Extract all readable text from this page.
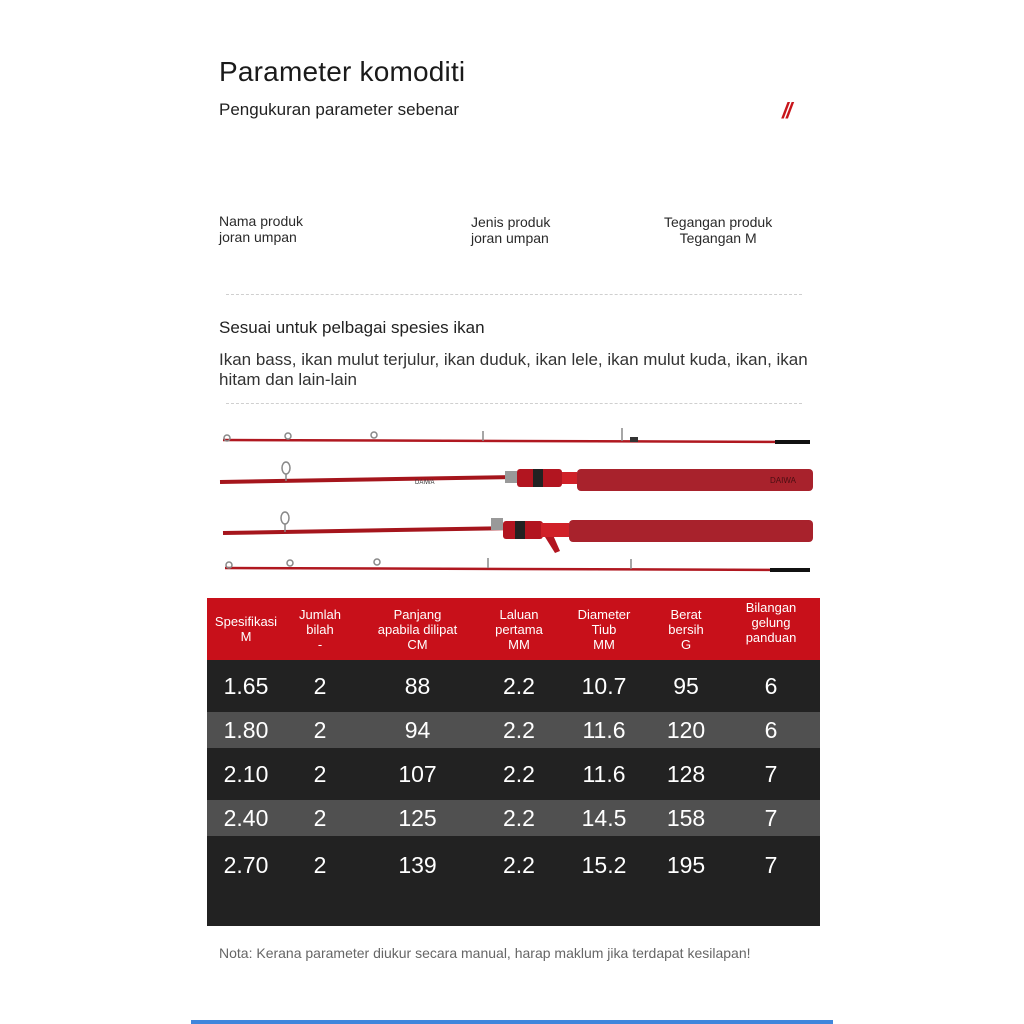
Parameter komoditi
Pengukuran parameter sebenar	//
Nama produk
joran umpan
Jenis produk
joran umpan
Tegangan produk
Tegangan M
Sesuai untuk pelbagai spesies ikan
Ikan bass, ikan mulut terjulur, ikan duduk, ikan lele, ikan mulut kuda, ikan, ikan hitam dan lain-lain
DAIWA	DAIWA
Spesifikasi
M	Jumlah
bilah
-	Panjang
apabila dilipat
CM	Laluan
pertama
MM	Diameter
Tiub
MM	Berat
bersih
G	Bilangan
gelung
panduan
1.65	2	88	2.2	10.7	95	6
1.80	2	94	2.2	11.6	120	6
2.10	2	107	2.2	11.6	128	7
2.40	2	125	2.2	14.5	158	7
2.70	2	139	2.2	15.2	195	7
Nota: Kerana parameter diukur secara manual, harap maklum jika terdapat kesilapan!
